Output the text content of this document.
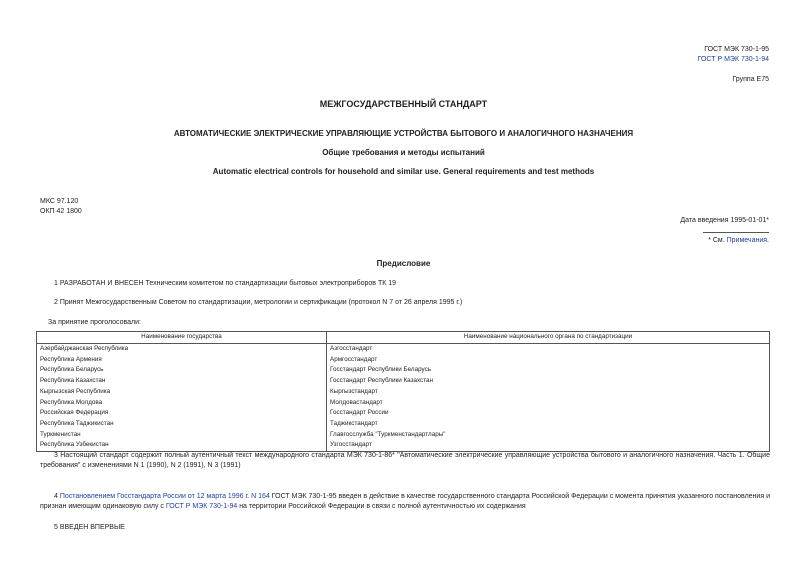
ГОСТ МЭК 730-1-95
ГОСТ Р МЭК 730-1-94
Группа Е75
МЕЖГОСУДАРСТВЕННЫЙ СТАНДАРТ
АВТОМАТИЧЕСКИЕ ЭЛЕКТРИЧЕСКИЕ УПРАВЛЯЮЩИЕ УСТРОЙСТВА БЫТОВОГО И АНАЛОГИЧНОГО НАЗНАЧЕНИЯ
Общие требования и методы испытаний
Automatic electrical controls for household and similar use. General requirements and test methods
МКС 97.120
ОКП 42 1800
Дата введения 1995-01-01*
* См. Примечания.
Предисловие
1 РАЗРАБОТАН И ВНЕСЕН Техническим комитетом по стандартизации бытовых электроприборов ТК 19
2 Принят Межгосударственным Советом по стандартизации, метрологии и сертификации (протокол N 7 от 26 апреля 1995 г.)
За принятие проголосовали:
Наименование государства	Наименование национального органа по стандартизации
Азербайджанская Республика	Азгосстандарт
Республика Армения	Армгосстандарт
Республика Беларусь	Госстандарт Республики Беларусь
Республика Казахстан	Госстандарт Республики Казахстан
Кыргызская Республика	Кыргызстандарт
Республика Молдова	Молдовастандарт
Российская Федерация	Госстандарт России
Республика Таджикистан	Таджикстандарт
Туркменистан	Главгосслужба "Туркменстандартлары"
Республика Узбекистан	Узгосстандарт
3 Настоящий стандарт содержит полный аутентичный текст международного стандарта МЭК 730-1-86* "Автоматические электрические управляющие устройства бытового и аналогичного назначения. Часть 1. Общие требования" с изменениями N 1 (1990), N 2 (1991), N 3 (1991)
4 Постановлением Госстандарта России от 12 марта 1996 г. N 164 ГОСТ МЭК 730-1-95 введен в действие в качестве государственного стандарта Российской Федерации с момента принятия указанного постановления и признан имеющим одинаковую силу с ГОСТ Р МЭК 730-1-94 на территории Российской Федерации в связи с полной аутентичностью их содержания
5 ВВЕДЕН ВПЕРВЫЕ
